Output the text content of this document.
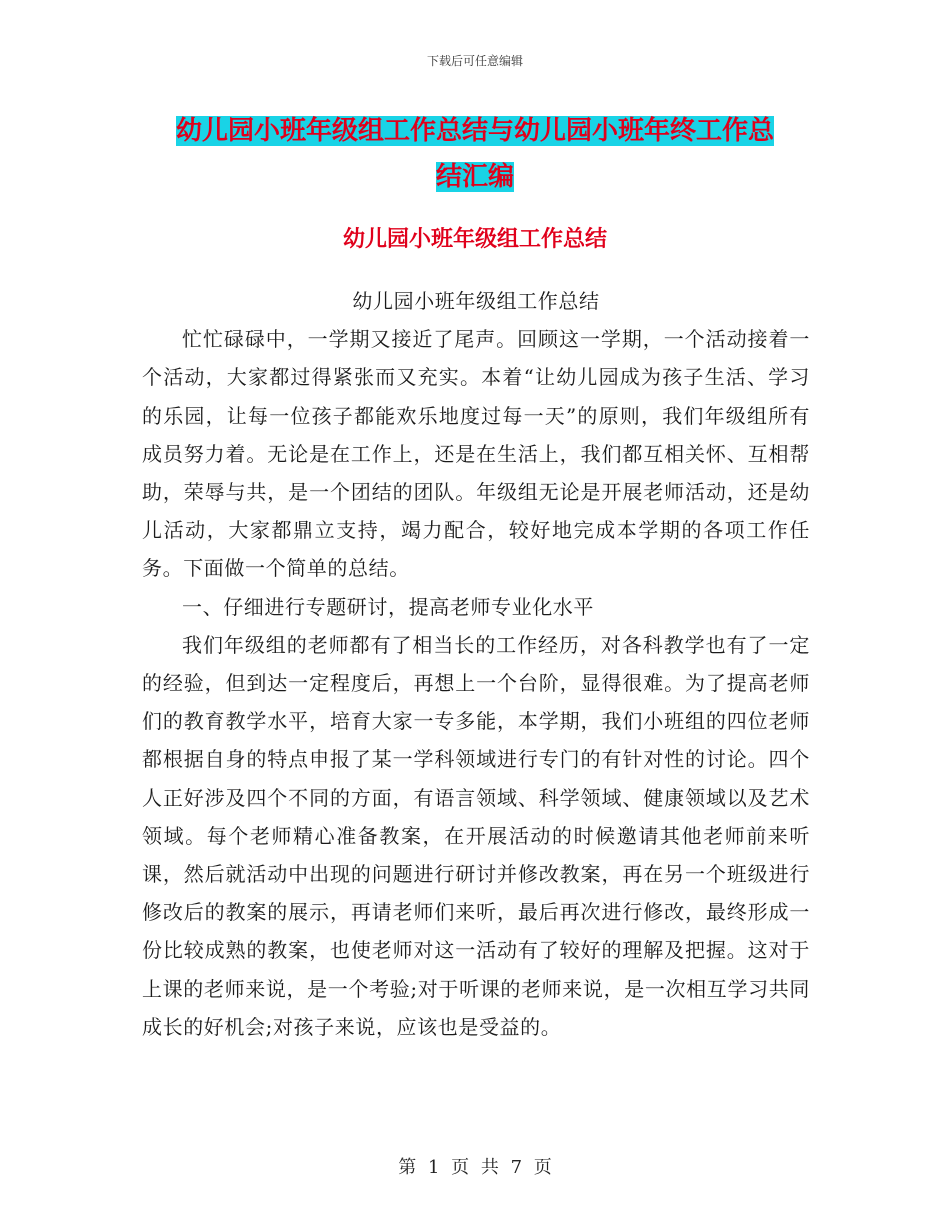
下载后可任意编辑
幼儿园小班年级组工作总结与幼儿园小班年终工作总
结汇编
幼儿园小班年级组工作总结

幼儿园小班年级组工作总结

忙忙碌碌中，一学期又接近了尾声。回顾这一学期，一个活动接着一个活动，大家都过得紧张而又充实。本着“让幼儿园成为孩子生活、学习的乐园，让每一位孩子都能欢乐地度过每一天”的原则，我们年级组所有成员努力着。无论是在工作上，还是在生活上，我们都互相关怀、互相帮助，荣辱与共，是一个团结的团队。年级组无论是开展老师活动，还是幼儿活动，大家都鼎立支持，竭力配合，较好地完成本学期的各项工作任务。下面做一个简单的总结。

一、仔细进行专题研讨，提高老师专业化水平

我们年级组的老师都有了相当长的工作经历，对各科教学也有了一定的经验，但到达一定程度后，再想上一个台阶，显得很难。为了提高老师们的教育教学水平，培育大家一专多能，本学期，我们小班组的四位老师都根据自身的特点申报了某一学科领域进行专门的有针对性的讨论。四个人正好涉及四个不同的方面，有语言领域、科学领域、健康领域以及艺术领域。每个老师精心准备教案，在开展活动的时候邀请其他老师前来听课，然后就活动中出现的问题进行研讨并修改教案，再在另一个班级进行修改后的教案的展示，再请老师们来听，最后再次进行修改，最终形成一份比较成熟的教案，也使老师对这一活动有了较好的理解及把握。这对于上课的老师来说，是一个考验;对于听课的老师来说，是一次相互学习共同成长的好机会;对孩子来说，应该也是受益的。

第 1 页 共 7 页
